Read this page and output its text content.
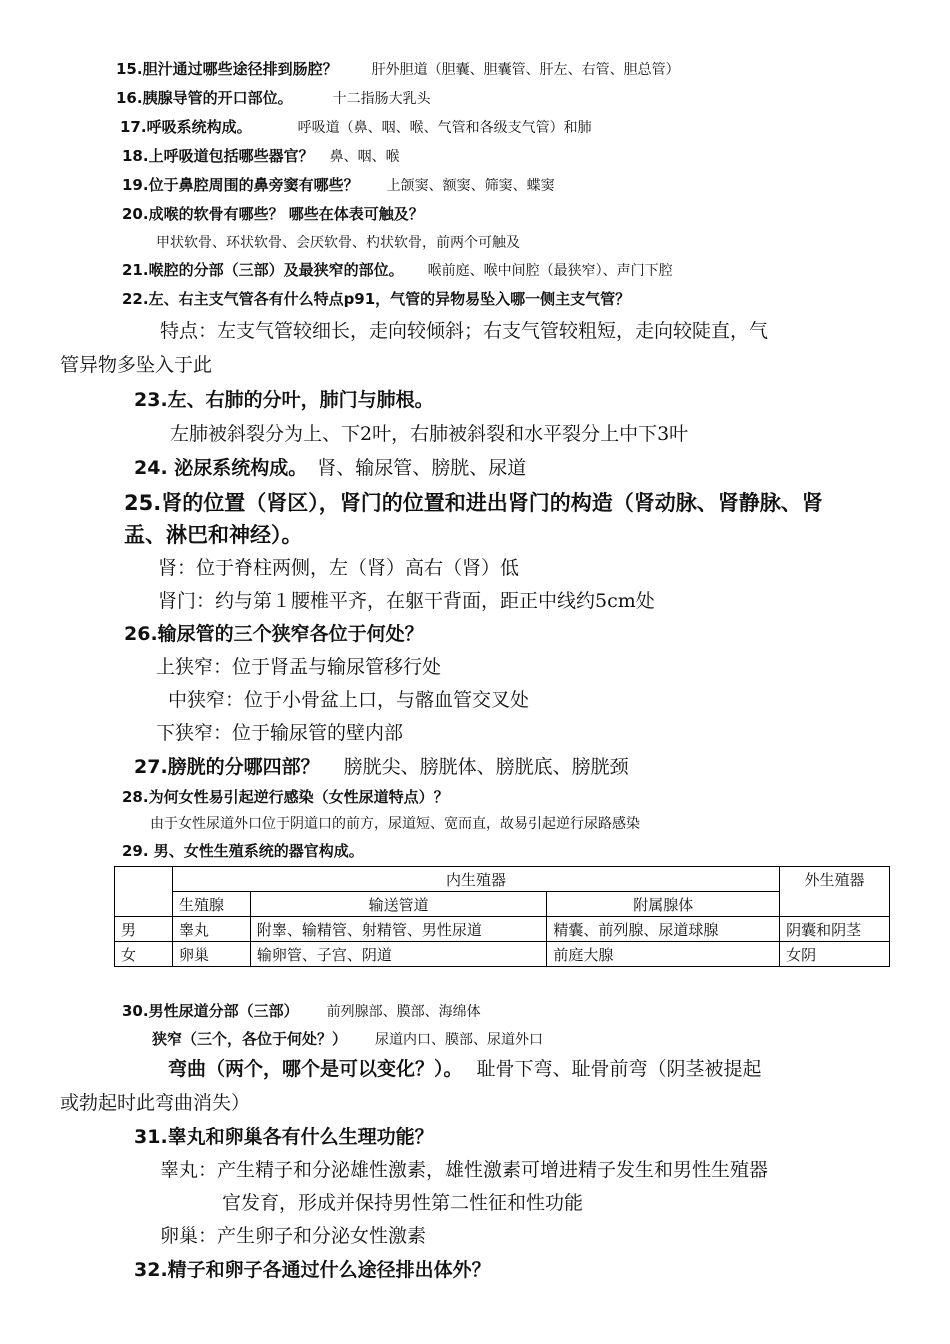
15.胆汁通过哪些途径排到肠腔？ 肝外胆道（胆囊、胆囊管、肝左、右管、胆总管）
16.胰腺导管的开口部位。	十二指肠大乳头
17.呼吸系统构成。	呼吸道（鼻、咽、喉、气管和各级支气管）和肺
18.上呼吸道包括哪些器官？ 鼻、咽、喉
19.位于鼻腔周围的鼻旁窦有哪些？ 上颌窦、额窦、筛窦、蝶窦
20.成喉的软骨有哪些？ 哪些在体表可触及？
甲状软骨、环状软骨、会厌软骨、杓状软骨，前两个可触及
21.喉腔的分部（三部）及最狭窄的部位。 喉前庭、喉中间腔（最狭窄）、声门下腔
22.左、右主支气管各有什么特点p91，气管的异物易坠入哪一侧主支气管？
特点：左支气管较细长，走向较倾斜；右支气管较粗短，走向较陡直，气
管异物多坠入于此
23.左、右肺的分叶，肺门与肺根。
左肺被斜裂分为上、下2叶，右肺被斜裂和水平裂分上中下3叶
24. 泌尿系统构成。 肾、输尿管、膀胱、尿道
25.肾的位置（肾区），肾门的位置和进出肾门的构造（肾动脉、肾静脉、肾
盂、淋巴和神经）。
肾：位于脊柱两侧，左（肾）高右（肾）低
肾门：约与第１腰椎平齐，在躯干背面，距正中线约5cm处
26.输尿管的三个狭窄各位于何处？
上狭窄：位于肾盂与输尿管移行处
中狭窄：位于小骨盆上口，与髂血管交叉处
下狭窄：位于输尿管的壁内部
27.膀胱的分哪四部？ 膀胱尖、膀胱体、膀胱底、膀胱颈
28.为何女性易引起逆行感染（女性尿道特点）？
由于女性尿道外口位于阴道口的前方，尿道短、宽而直，故易引起逆行尿路感染
29. 男、女性生殖系统的器官构成。
	内生殖器			外生殖器
	生殖腺	输送管道	附属腺体	
男	睾丸	附睾、输精管、射精管、男性尿道	精囊、前列腺、尿道球腺	阴囊和阴茎
女	卵巢	输卵管、子宫、阴道	前庭大腺	女阴
30.男性尿道分部（三部） 前列腺部、膜部、海绵体
狭窄（三个，各位于何处？） 尿道内口、膜部、尿道外口
弯曲（两个，哪个是可以变化？）。 耻骨下弯、耻骨前弯（阴茎被提起
或勃起时此弯曲消失）
31.睾丸和卵巢各有什么生理功能？
睾丸：产生精子和分泌雄性激素，雄性激素可增进精子发生和男性生殖器
官发育，形成并保持男性第二性征和性功能
卵巢：产生卵子和分泌女性激素
32.精子和卵子各通过什么途径排出体外？
